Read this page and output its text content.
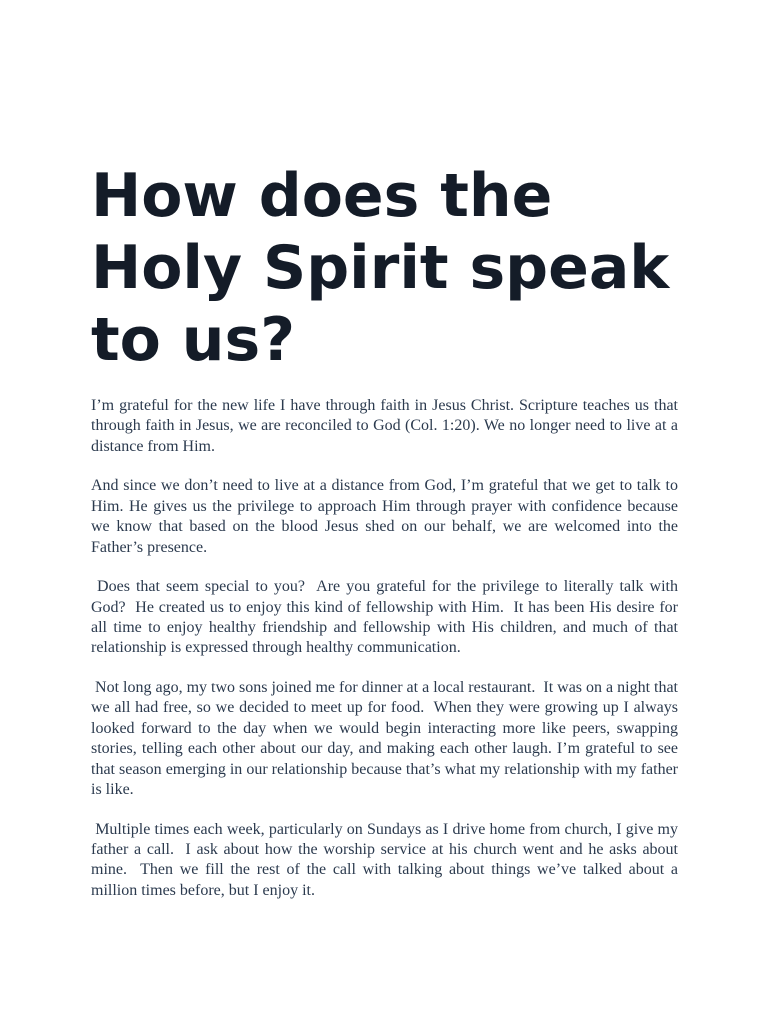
How does the Holy Spirit speak to us?

I’m grateful for the new life I have through faith in Jesus Christ. Scripture teaches us that through faith in Jesus, we are reconciled to God (Col. 1:20). We no longer need to live at a distance from Him.

And since we don’t need to live at a distance from God, I’m grateful that we get to talk to Him. He gives us the privilege to approach Him through prayer with confidence because we know that based on the blood Jesus shed on our behalf, we are welcomed into the Father’s presence.

Does that seem special to you?  Are you grateful for the privilege to literally talk with God?  He created us to enjoy this kind of fellowship with Him.  It has been His desire for all time to enjoy healthy friendship and fellowship with His children, and much of that relationship is expressed through healthy communication.

Not long ago, my two sons joined me for dinner at a local restaurant.  It was on a night that we all had free, so we decided to meet up for food.  When they were growing up I always looked forward to the day when we would begin interacting more like peers, swapping stories, telling each other about our day, and making each other laugh. I’m grateful to see that season emerging in our relationship because that’s what my relationship with my father is like.

Multiple times each week, particularly on Sundays as I drive home from church, I give my father a call.  I ask about how the worship service at his church went and he asks about mine.  Then we fill the rest of the call with talking about things we’ve talked about a million times before, but I enjoy it.
